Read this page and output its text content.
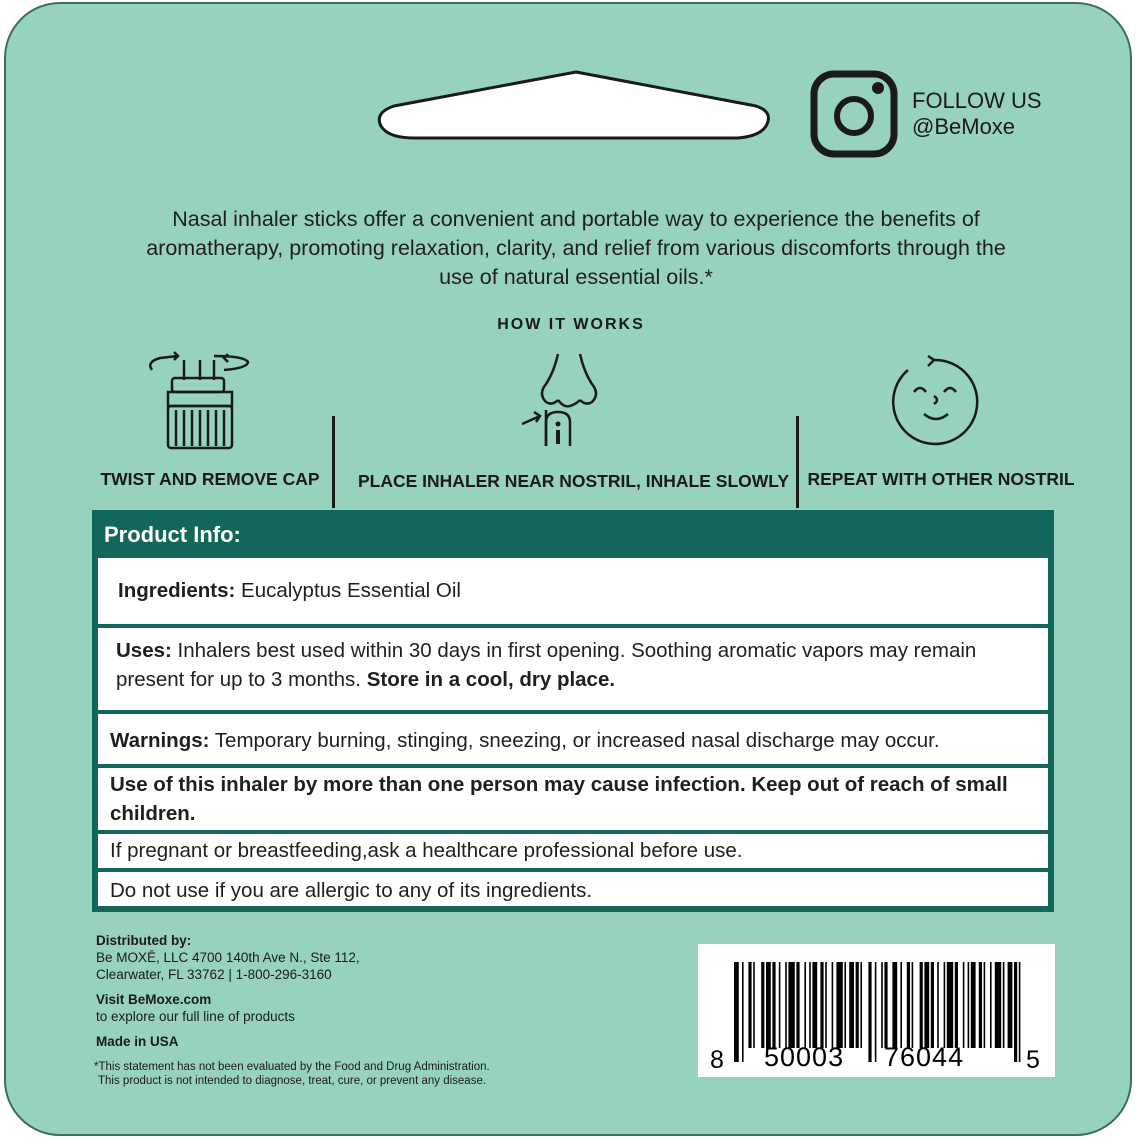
FOLLOW US
@BeMoxe
Nasal inhaler sticks offer a convenient and portable way to experience the benefits of aromatherapy, promoting relaxation, clarity, and relief from various discomforts through the use of natural essential oils.*
HOW IT WORKS
TWIST AND REMOVE CAP PLACE INHALER NEAR NOSTRIL, INHALE SLOWLY REPEAT WITH OTHER NOSTRIL
Product Info:
Ingredients: Eucalyptus Essential Oil
Uses: Inhalers best used within 30 days in first opening. Soothing aromatic vapors may remain present for up to 3 months. Store in a cool, dry place.
Warnings: Temporary burning, stinging, sneezing, or increased nasal discharge may occur.
Use of this inhaler by more than one person may cause infection. Keep out of reach of small children.
If pregnant or breastfeeding,ask a healthcare professional before use.
Do not use if you are allergic to any of its ingredients.

Distributed by:

Be MOXĒ, LLC 4700 140th Ave N., Ste 112,

Clearwater, FL 33762 | 1-800-296-3160

Visit BeMoxe.com

to explore our full line of products

Made in USA

*This statement has not been evaluated by the Food and Drug Administration.
This product is not intended to diagnose, treat, cure, or prevent any disease.
8 50003 76044 5
